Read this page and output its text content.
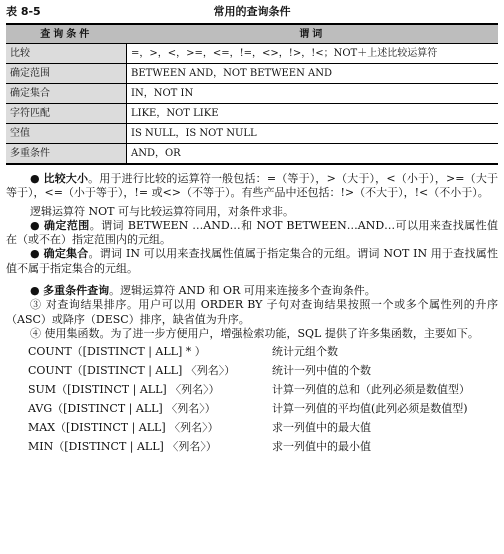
表 8-5	常用的查询条件
查询条件	谓词
比较	=，>，<，>=，<=，!=，<>，!>，!<；NOT＋上述比较运算符
确定范围	BETWEEN AND，NOT BETWEEN AND
确定集合	IN，NOT IN
字符匹配	LIKE，NOT LIKE
空值	IS NULL，IS NOT NULL
多重条件	AND，OR

● 比较大小。用于进行比较的运算符一般包括：=（等于），>（大于），<（小于），>=（大于等于），<=（小于等于），!= 或<>（不等于）。有些产品中还包括：!>（不大于），!<（不小于）。

逻辑运算符 NOT 可与比较运算符同用，对条件求非。

● 确定范围。谓词 BETWEEN …AND…和 NOT BETWEEN…AND…可以用来查找属性值在（或不在）指定范围内的元组。

● 确定集合。谓词 IN 可以用来查找属性值属于指定集合的元组。谓词 NOT IN 用于查找属性值不属于指定集合的元组。

● 多重条件查询。逻辑运算符 AND 和 OR 可用来连接多个查询条件。

③ 对查询结果排序。用户可以用 ORDER BY 子句对查询结果按照一个或多个属性列的升序（ASC）或降序（DESC）排序，缺省值为升序。

④ 使用集函数。为了进一步方便用户，增强检索功能，SQL 提供了许多集函数，主要如下。

COUNT（[DISTINCT | ALL] * ）	统计元组个数
COUNT（[DISTINCT | ALL] 〈列名〉）	统计一列中值的个数
SUM（[DISTINCT | ALL] 〈列名〉）	计算一列值的总和（此列必须是数值型）
AVG（[DISTINCT | ALL] 〈列名〉）	计算一列值的平均值(此列必须是数值型)
MAX（[DISTINCT | ALL] 〈列名〉）	求一列值中的最大值
MIN（[DISTINCT | ALL] 〈列名〉）	求一列值中的最小值
